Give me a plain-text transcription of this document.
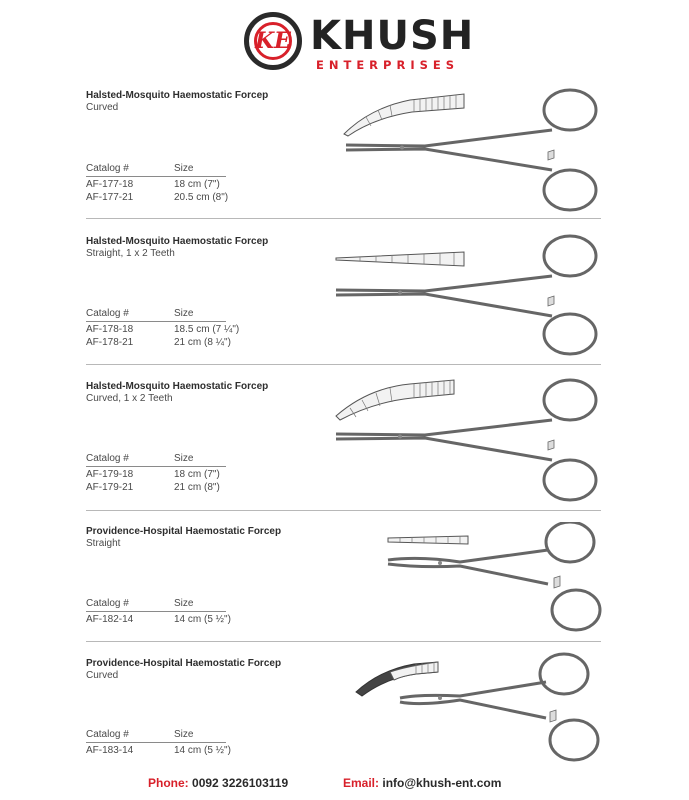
KE KHUSH
ENTERPRISES
Halsted-Mosquito Haemostatic Forcep
Curved
Catalog #	Size
AF-177-18	18 cm (7")
AF-177-21	20.5 cm (8")
Halsted-Mosquito Haemostatic Forcep
Straight, 1 x 2 Teeth
Catalog #	Size
AF-178-18	18.5 cm (7 ¼")
AF-178-21	21 cm (8 ¼")
Halsted-Mosquito Haemostatic Forcep
Curved, 1 x 2 Teeth
Catalog #	Size
AF-179-18	18 cm (7")
AF-179-21	21 cm (8")
Providence-Hospital Haemostatic Forcep
Straight
Catalog #	Size
AF-182-14	14 cm (5 ½")
Providence-Hospital Haemostatic Forcep
Curved
Catalog #	Size
AF-183-14	14 cm (5 ½")
Phone: 0092 3226103119	Email: info@khush-ent.com
